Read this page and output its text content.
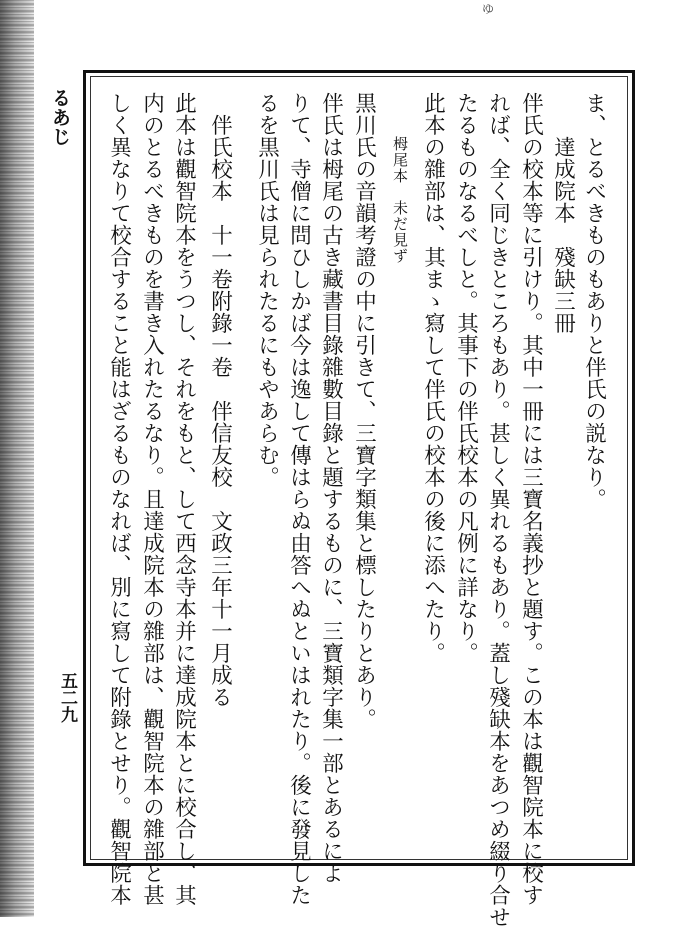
ゆ
るあじ
五二九
ま、とるべきものもありと伴氏の説なり。
達成院本　殘缺三冊
伴氏の校本等に引けり。其中一冊には三寶名義抄と題す。この本は觀智院本に校す
れば、全く同じきところもあり。甚しく異れるもあり。蓋し殘缺本をあつめ綴り合せ
たるものなるべしと。其事下の伴氏校本の凡例に詳なり。
此本の雜部は、其まゝ寫して伴氏の校本の後に添へたり。
栂尾本　未だ見ず
黒川氏の音韻考證の中に引きて、三寶字類集と標したりとあり。
伴氏は栂尾の古き藏書目錄雜數目錄と題するものに、三寶類字集一部とあるによ
りて、寺僧に問ひしかば今は逸して傳はらぬ由答へぬといはれたり。後に發見した
るを黒川氏は見られたるにもやあらむ。
伴氏校本　十一卷附錄一卷　伴信友校　文政三年十一月成る
此本は觀智院本をうつし、それをもと、して西念寺本并に達成院本とに校合し、其
内のとるべきものを書き入れたるなり。且達成院本の雜部は、觀智院本の雜部と甚
しく異なりて校合すること能はざるものなれば、別に寫して附錄とせり。觀智院本
